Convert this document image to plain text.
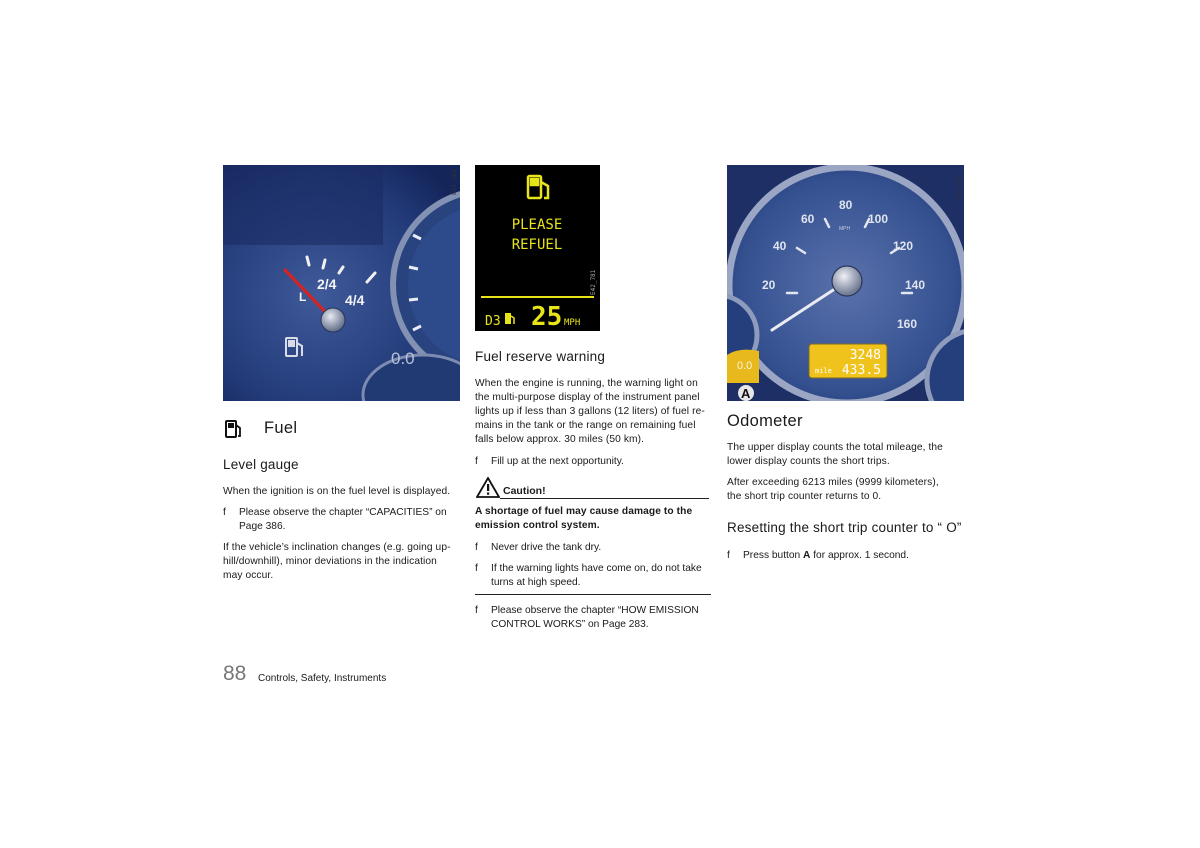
2/4
4/4
L
0.0
E31-254
PLEASE
REFUEL
D3 25 MPH
E42_781	20
40
60
80
100
120
140
160
MPH
3248
mile 433.5
0.0
A
E42-211
Fuel
Level gauge

When the ignition is on the fuel level is displayed.

f Please observe the chapter “CAPACITIES” on
Page 386.

If the vehicle’s inclination changes (e.g. going up-

hill/downhill), minor deviations in the indication

may occur.

Fuel reserve warning

When the engine is running, the warning light on

the multi-purpose display of the instrument panel

lights up if less than 3 gallons (12 liters) of fuel re-

mains in the tank or the range on remaining fuel

falls below approx. 30 miles (50 km).

f Fill up at the next opportunity.
Caution!

A shortage of fuel may cause damage to the

emission control system.

f Never drive the tank dry.
f If the warning lights have come on, do not take
turns at high speed.
f Please observe the chapter “HOW EMISSION
CONTROL WORKS” on Page 283.
Odometer

The upper display counts the total mileage, the

lower display counts the short trips.

After exceeding 6213 miles (9999 kilometers),

the short trip counter returns to 0.

Resetting the short trip counter to “ O”
f Press button A for approx. 1 second.
88 Controls, Safety, Instruments
